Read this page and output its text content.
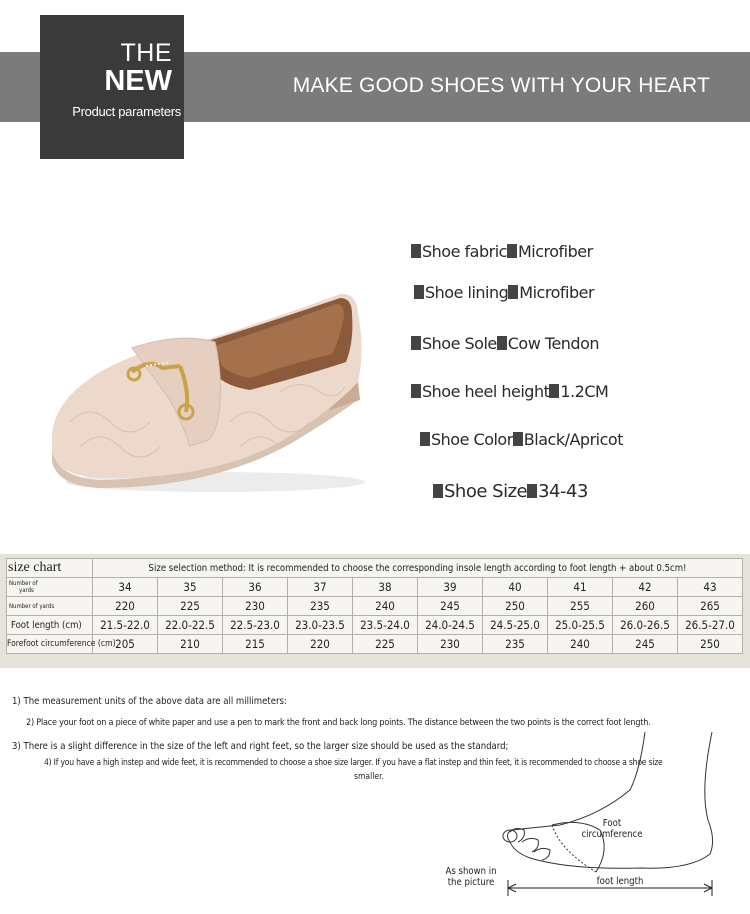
MAKE GOOD SHOES WITH YOUR HEART
THE
NEW
Product parameters
Shoe fabric Microfiber
Shoe lining Microfiber
Shoe Sole Cow Tendon
Shoe heel height 1.2CM
Shoe Color Black/Apricot
Shoe Size 34-43
size chart	Size selection method: It is recommended to choose the corresponding insole length according to foot length + about 0.5cm!									
Number of
yards	34	35	36	37	38	39	40	41	42	43
Number of yards	220	225	230	235	240	245	250	255	260	265
Foot length (cm)	21.5-22.0	22.0-22.5	22.5-23.0	23.0-23.5	23.5-24.0	24.0-24.5	24.5-25.0	25.0-25.5	26.0-26.5	26.5-27.0
Forefoot circumference (cm)	205	210	215	220	225	230	235	240	245	250
1) The measurement units of the above data are all millimeters:
2) Place your foot on a piece of white paper and use a pen to mark the front and back long points. The distance between the two points is the correct foot length.
3) There is a slight difference in the size of the left and right feet, so the larger size should be used as the standard;
4) If you have a high instep and wide feet, it is recommended to choose a shoe size larger. If you have a flat instep and thin feet, it is recommended to choose a shoe size
smaller.
Foot
circumference
foot length
As shown in
the picture
